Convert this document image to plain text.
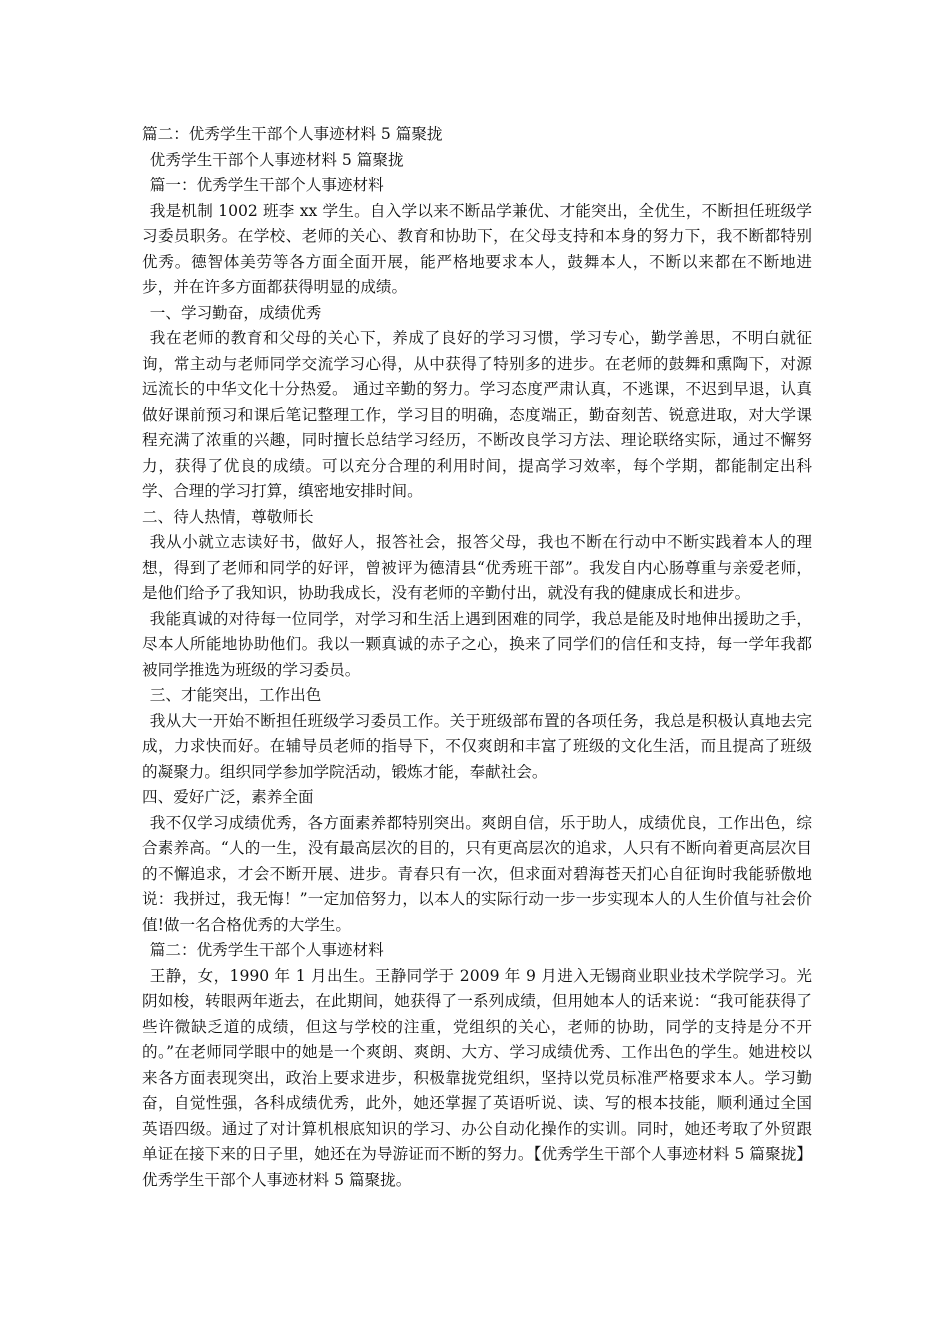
篇二：优秀学生干部个人事迹材料 5 篇聚拢

优秀学生干部个人事迹材料 5 篇聚拢

篇一：优秀学生干部个人事迹材料

我是机制 1002 班李 xx 学生。自入学以来不断品学兼优、才能突出，全优生，不断担任班级学习委员职务。在学校、老师的关心、教育和协助下，在父母支持和本身的努力下，我不断都特别优秀。德智体美劳等各方面全面开展，能严格地要求本人，鼓舞本人，不断以来都在不断地进步，并在许多方面都获得明显的成绩。

一、学习勤奋，成绩优秀

我在老师的教育和父母的关心下，养成了良好的学习习惯，学习专心，勤学善思，不明白就征询，常主动与老师同学交流学习心得，从中获得了特别多的进步。在老师的鼓舞和熏陶下，对源远流长的中华文化十分热爱。 通过辛勤的努力。学习态度严肃认真，不逃课，不迟到早退，认真做好课前预习和课后笔记整理工作，学习目的明确，态度端正，勤奋刻苦、锐意进取，对大学课程充满了浓重的兴趣，同时擅长总结学习经历，不断改良学习方法、理论联络实际，通过不懈努力，获得了优良的成绩。可以充分合理的利用时间，提高学习效率，每个学期，都能制定出科学、合理的学习打算，缜密地安排时间。

二、待人热情，尊敬师长

我从小就立志读好书，做好人，报答社会，报答父母，我也不断在行动中不断实践着本人的理想，得到了老师和同学的好评，曾被评为德清县“优秀班干部”。我发自内心肠尊重与亲爱老师，是他们给予了我知识，协助我成长，没有老师的辛勤付出，就没有我的健康成长和进步。

我能真诚的对待每一位同学，对学习和生活上遇到困难的同学，我总是能及时地伸出援助之手，尽本人所能地协助他们。我以一颗真诚的赤子之心，换来了同学们的信任和支持，每一学年我都被同学推选为班级的学习委员。

三、才能突出，工作出色

我从大一开始不断担任班级学习委员工作。关于班级部布置的各项任务，我总是积极认真地去完成，力求快而好。在辅导员老师的指导下，不仅爽朗和丰富了班级的文化生活，而且提高了班级的凝聚力。组织同学参加学院活动，锻炼才能，奉献社会。

四、爱好广泛，素养全面

我不仅学习成绩优秀，各方面素养都特别突出。爽朗自信，乐于助人，成绩优良，工作出色，综合素养高。“人的一生，没有最高层次的目的，只有更高层次的追求，人只有不断向着更高层次目的不懈追求，才会不断开展、进步。青春只有一次，但求面对碧海苍天扪心自征询时我能骄傲地说：我拼过，我无悔！”一定加倍努力，以本人的实际行动一步一步实现本人的人生价值与社会价值!做一名合格优秀的大学生。

篇二：优秀学生干部个人事迹材料

王静，女，1990 年 1 月出生。王静同学于 2009 年 9 月进入无锡商业职业技术学院学习。光阴如梭，转眼两年逝去，在此期间，她获得了一系列成绩，但用她本人的话来说：“我可能获得了些许微缺乏道的成绩，但这与学校的注重，党组织的关心，老师的协助，同学的支持是分不开的。”在老师同学眼中的她是一个爽朗、爽朗、大方、学习成绩优秀、工作出色的学生。她进校以来各方面表现突出，政治上要求进步，积极靠拢党组织，坚持以党员标准严格要求本人。学习勤奋，自觉性强，各科成绩优秀，此外，她还掌握了英语听说、读、写的根本技能，顺利通过全国英语四级。通过了对计算机根底知识的学习、办公自动化操作的实训。同时，她还考取了外贸跟单证在接下来的日子里，她还在为导游证而不断的努力。【优秀学生干部个人事迹材料 5 篇聚拢】优秀学生干部个人事迹材料 5 篇聚拢。
